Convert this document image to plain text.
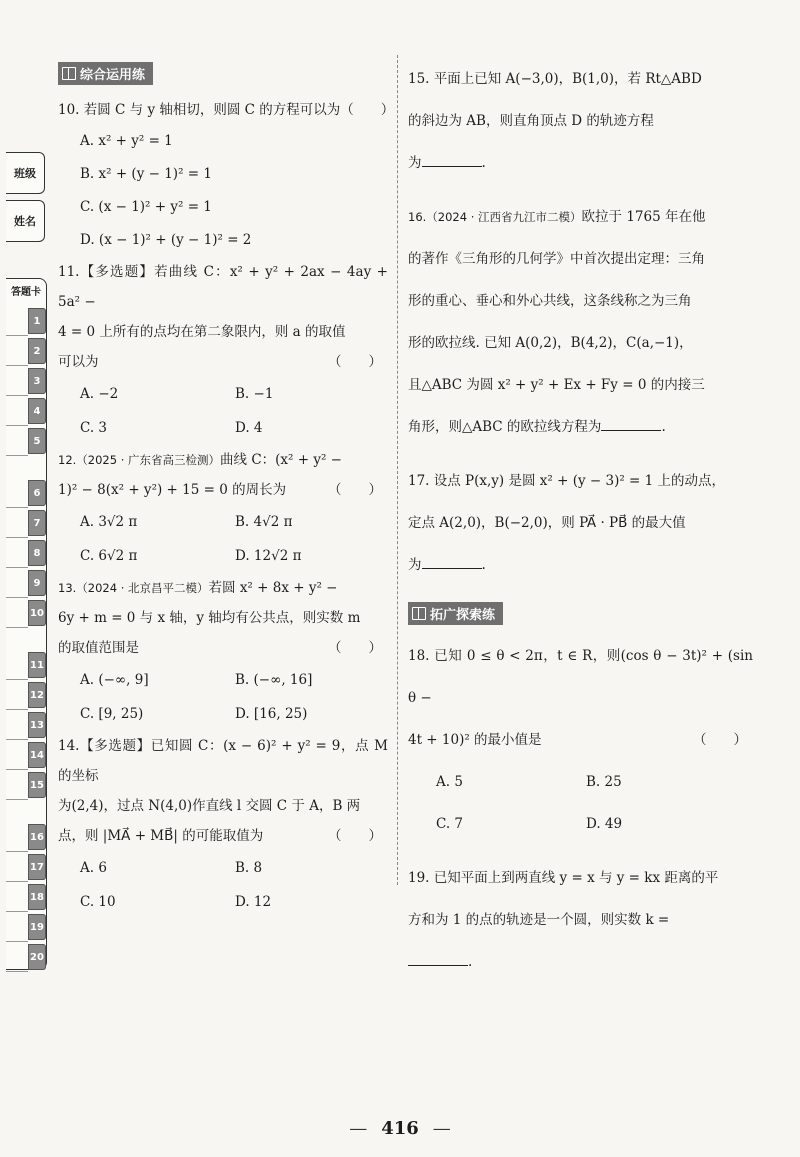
班级
姓名
答题卡
1
2
3
4
5
6
7
8
9
10
11
12
13
14
15
16
17
18
19
20
综合运用练

10. 若圆 C 与 y 轴相切，则圆 C 的方程可以为（　　）

A. x² + y² = 1
B. x² + (y − 1)² = 1
C. (x − 1)² + y² = 1
D. (x − 1)² + (y − 1)² = 2

11.【多选题】若曲线 C：x² + y² + 2ax − 4ay + 5a² −

4 = 0 上所有的点均在第二象限内，则 a 的取值

可以为	（　　）

A. −2	B. −1
C. 3	D. 4

12.（2025 · 广东省高三检测）曲线 C：(x² + y² −

1)² − 8(x² + y²) + 15 = 0 的周长为	（　　）

A. 3√2 π	B. 4√2 π
C. 6√2 π	D. 12√2 π

13.（2024 · 北京昌平二模）若圆 x² + 8x + y² −

6y + m = 0 与 x 轴，y 轴均有公共点，则实数 m

的取值范围是	（　　）

A. (−∞, 9]	B. (−∞, 16]
C. [9, 25)	D. [16, 25)

14.【多选题】已知圆 C：(x − 6)² + y² = 9，点 M 的坐标

为(2,4)，过点 N(4,0)作直线 l 交圆 C 于 A，B 两

点，则 |MA⃗ + MB⃗| 的可能取值为	（　　）

A. 6	B. 8
C. 10	D. 12

15. 平面上已知 A(−3,0)，B(1,0)，若 Rt△ABD

的斜边为 AB，则直角顶点 D 的轨迹方程

为	.

16.（2024 · 江西省九江市二模）欧拉于 1765 年在他

的著作《三角形的几何学》中首次提出定理：三角

形的重心、垂心和外心共线，这条线称之为三角

形的欧拉线. 已知 A(0,2)，B(4,2)，C(a,−1)，

且△ABC 为圆 x² + y² + Ex + Fy = 0 的内接三

角形，则△ABC 的欧拉线方程为	.

17. 设点 P(x,y) 是圆 x² + (y − 3)² = 1 上的动点，

定点 A(2,0)，B(−2,0)，则 PA⃗ · PB⃗ 的最大值

为	.

拓广探索练

18. 已知 0 ≤ θ < 2π，t ∈ R，则(cos θ − 3t)² + (sin θ −

4t + 10)² 的最小值是	（　　）

A. 5	B. 25
C. 7	D. 49

19. 已知平面上到两直线 y = x 与 y = kx 距离的平

方和为 1 的点的轨迹是一个圆，则实数 k =

.

— 416 —
